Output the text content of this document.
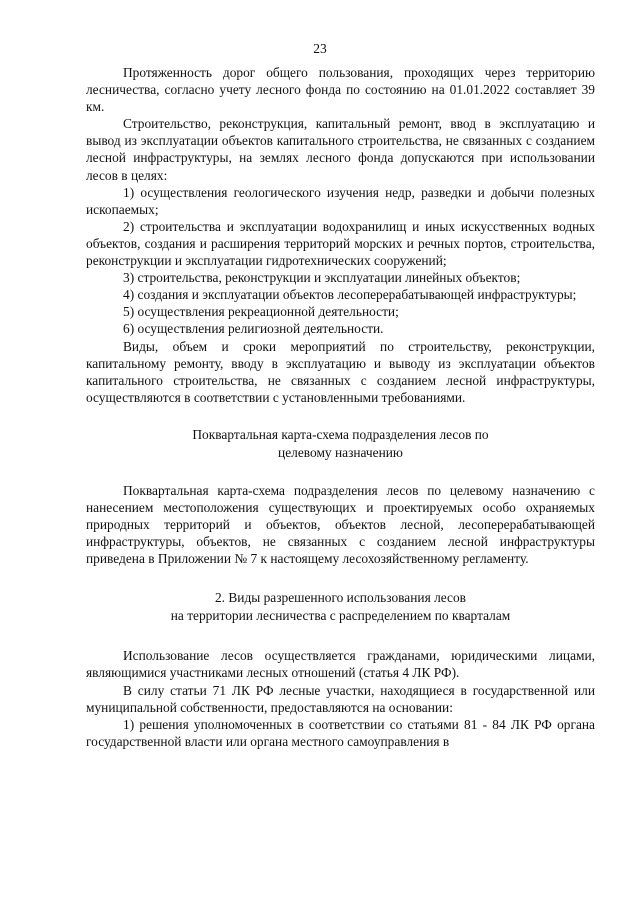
23

Протяженность дорог общего пользования, проходящих через территорию лесничества, согласно учету лесного фонда по состоянию на 01.01.2022 составляет 39 км.

Строительство, реконструкция, капитальный ремонт, ввод в эксплуатацию и вывод из эксплуатации объектов капитального строительства, не связанных с созданием лесной инфраструктуры, на землях лесного фонда допускаются при использовании лесов в целях:

1) осуществления геологического изучения недр, разведки и добычи полезных ископаемых;

2) строительства и эксплуатации водохранилищ и иных искусственных водных объектов, создания и расширения территорий морских и речных портов, строительства, реконструкции и эксплуатации гидротехнических сооружений;

3) строительства, реконструкции и эксплуатации линейных объектов;

4) создания и эксплуатации объектов лесоперерабатывающей инфраструктуры;

5) осуществления рекреационной деятельности;

6) осуществления религиозной деятельности.

Виды, объем и сроки мероприятий по строительству, реконструкции, капитальному ремонту, вводу в эксплуатацию и выводу из эксплуатации объектов капитального строительства, не связанных с созданием лесной инфраструктуры, осуществляются в соответствии с установленными требованиями.

Поквартальная карта-схема подразделения лесов по
целевому назначению

Поквартальная карта-схема подразделения лесов по целевому назначению с нанесением местоположения существующих и проектируемых особо охраняемых природных территорий и объектов, объектов лесной, лесоперерабатывающей инфраструктуры, объектов, не связанных с созданием лесной инфраструктуры приведена в Приложении № 7 к настоящему лесохозяйственному регламенту.

2. Виды разрешенного использования лесов
на территории лесничества с распределением по кварталам

Использование лесов осуществляется гражданами, юридическими лицами, являющимися участниками лесных отношений (статья 4 ЛК РФ).

В силу статьи 71 ЛК РФ лесные участки, находящиеся в государственной или муниципальной собственности, предоставляются на основании:

1) решения уполномоченных в соответствии со статьями 81 - 84 ЛК РФ органа государственной власти или органа местного самоуправления в
